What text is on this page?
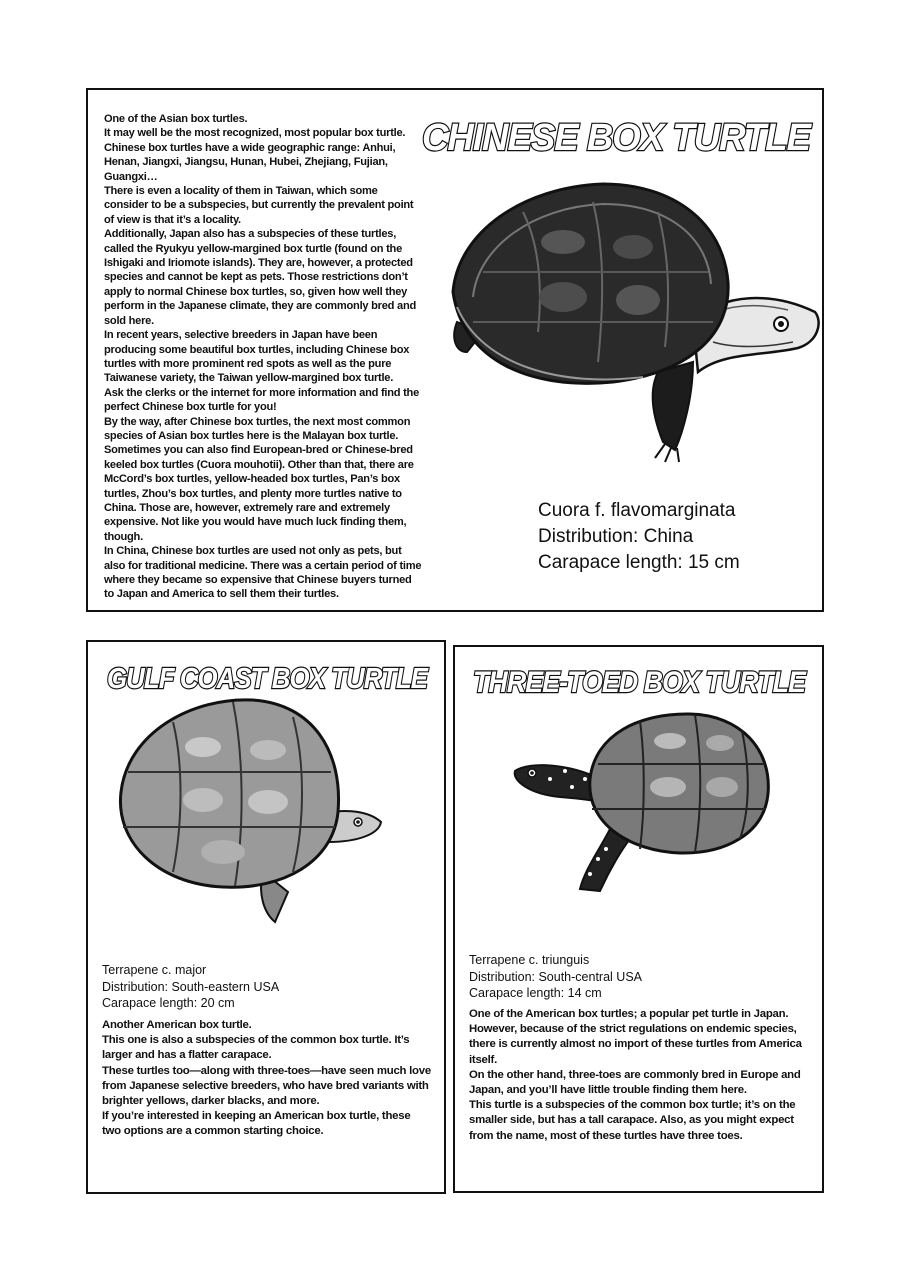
One of the Asian box turtles.

It may well be the most recognized, most popular box turtle.

Chinese box turtles have a wide geographic range: Anhui, Henan, Jiangxi, Jiangsu, Hunan, Hubei, Zhejiang, Fujian, Guangxi…

There is even a locality of them in Taiwan, which some consider to be a subspecies, but currently the prevalent point of view is that it’s a locality.

Additionally, Japan also has a subspecies of these turtles, called the Ryukyu yellow-margined box turtle (found on the Ishigaki and Iriomote islands). They are, however, a protected species and cannot be kept as pets. Those restrictions don’t apply to normal Chinese box turtles, so, given how well they perform in the Japanese climate, they are commonly bred and sold here.

In recent years, selective breeders in Japan have been producing some beautiful box turtles, including Chinese box turtles with more prominent red spots as well as the pure Taiwanese variety, the Taiwan yellow-margined box turtle.

Ask the clerks or the internet for more information and find the perfect Chinese box turtle for you!

By the way, after Chinese box turtles, the next most common species of Asian box turtles here is the Malayan box turtle. Sometimes you can also find European-bred or Chinese-bred keeled box turtles (Cuora mouhotii). Other than that, there are McCord’s box turtles, yellow-headed box turtles, Pan’s box turtles, Zhou’s box turtles, and plenty more turtles native to China. Those are, however, extremely rare and extremely expensive. Not like you would have much luck finding them, though.

In China, Chinese box turtles are used not only as pets, but also for traditional medicine. There was a certain period of time where they became so expensive that Chinese buyers turned to Japan and America to sell them their turtles.

CHINESE BOX TURTLE
Cuora f. flavomarginata
Distribution: China
Carapace length: 15 cm
GULF COAST BOX TURTLE
Terrapene c. major
Distribution: South-eastern USA
Carapace length: 20 cm

Another American box turtle.

This one is also a subspecies of the common box turtle. It’s larger and has a flatter carapace.

These turtles too—along with three-toes—have seen much love from Japanese selective breeders, who have bred variants with brighter yellows, darker blacks, and more.

If you’re interested in keeping an American box turtle, these two options are a common starting choice.

THREE-TOED BOX TURTLE
Terrapene c. triunguis
Distribution: South-central USA
Carapace length: 14 cm

One of the American box turtles; a popular pet turtle in Japan. However, because of the strict regulations on endemic species, there is currently almost no import of these turtles from America itself.

On the other hand, three-toes are commonly bred in Europe and Japan, and you’ll have little trouble finding them here.

This turtle is a subspecies of the common box turtle; it’s on the smaller side, but has a tall carapace. Also, as you might expect from the name, most of these turtles have three toes.
